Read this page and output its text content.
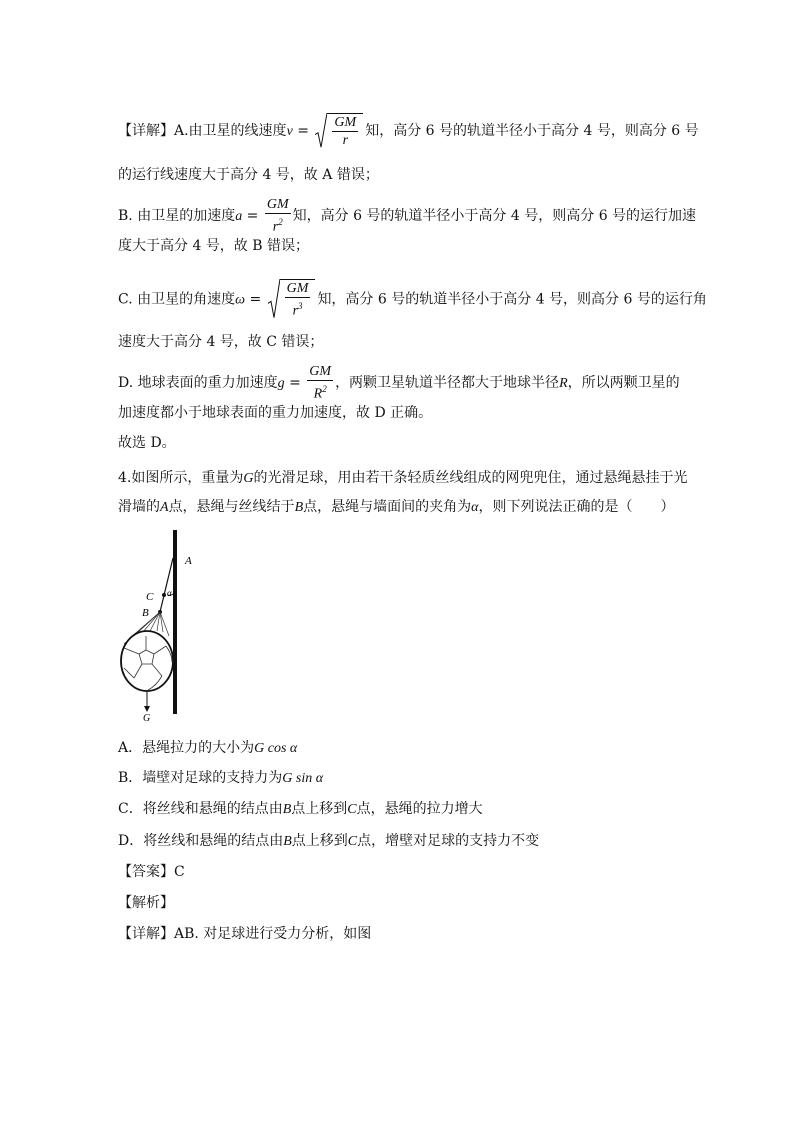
【详解】A.由卫星的线速度$v = \frac{GM}{r}$ 知，高分 6 号的轨道半径小于高分 4 号，则高分 6 号
的运行线速度大于高分 4 号，故 A 错误；
B. 由卫星的加速度$a = \frac{GM}{r^2}$ 知，高分 6 号的轨道半径小于高分 4 号，则高分 6 号的运行加速
度大于高分 4 号，故 B 错误；
C. 由卫星的角速度$\omega = \frac{GM}{r^3}$ 知，高分 6 号的轨道半径小于高分 4 号，则高分 6 号的运行角
速度大于高分 4 号，故 C 错误；
D. 地球表面的重力加速度$g = \frac{GM}{R^2}$ ，两颗卫星轨道半径都大于地球半径R，所以两颗卫星的
加速度都小于地球表面的重力加速度，故 D 正确。
故选 D。
4.如图所示，重量为G的光滑足球，用由若干条轻质丝线组成的网兜兜住，通过悬绳悬挂于光
滑墙的A点，悬绳与丝线结于B点，悬绳与墙面间的夹角为α，则下列说法正确的是（　　）
A
C α
B
G
A．悬绳拉力的大小为G cos α
B．墙壁对足球的支持力为G sin α
C．将丝线和悬绳的结点由B点上移到C点，悬绳的拉力增大
D．将丝线和悬绳的结点由B点上移到C点，增壁对足球的支持力不变
【答案】C
【解析】
【详解】AB. 对足球进行受力分析，如图
